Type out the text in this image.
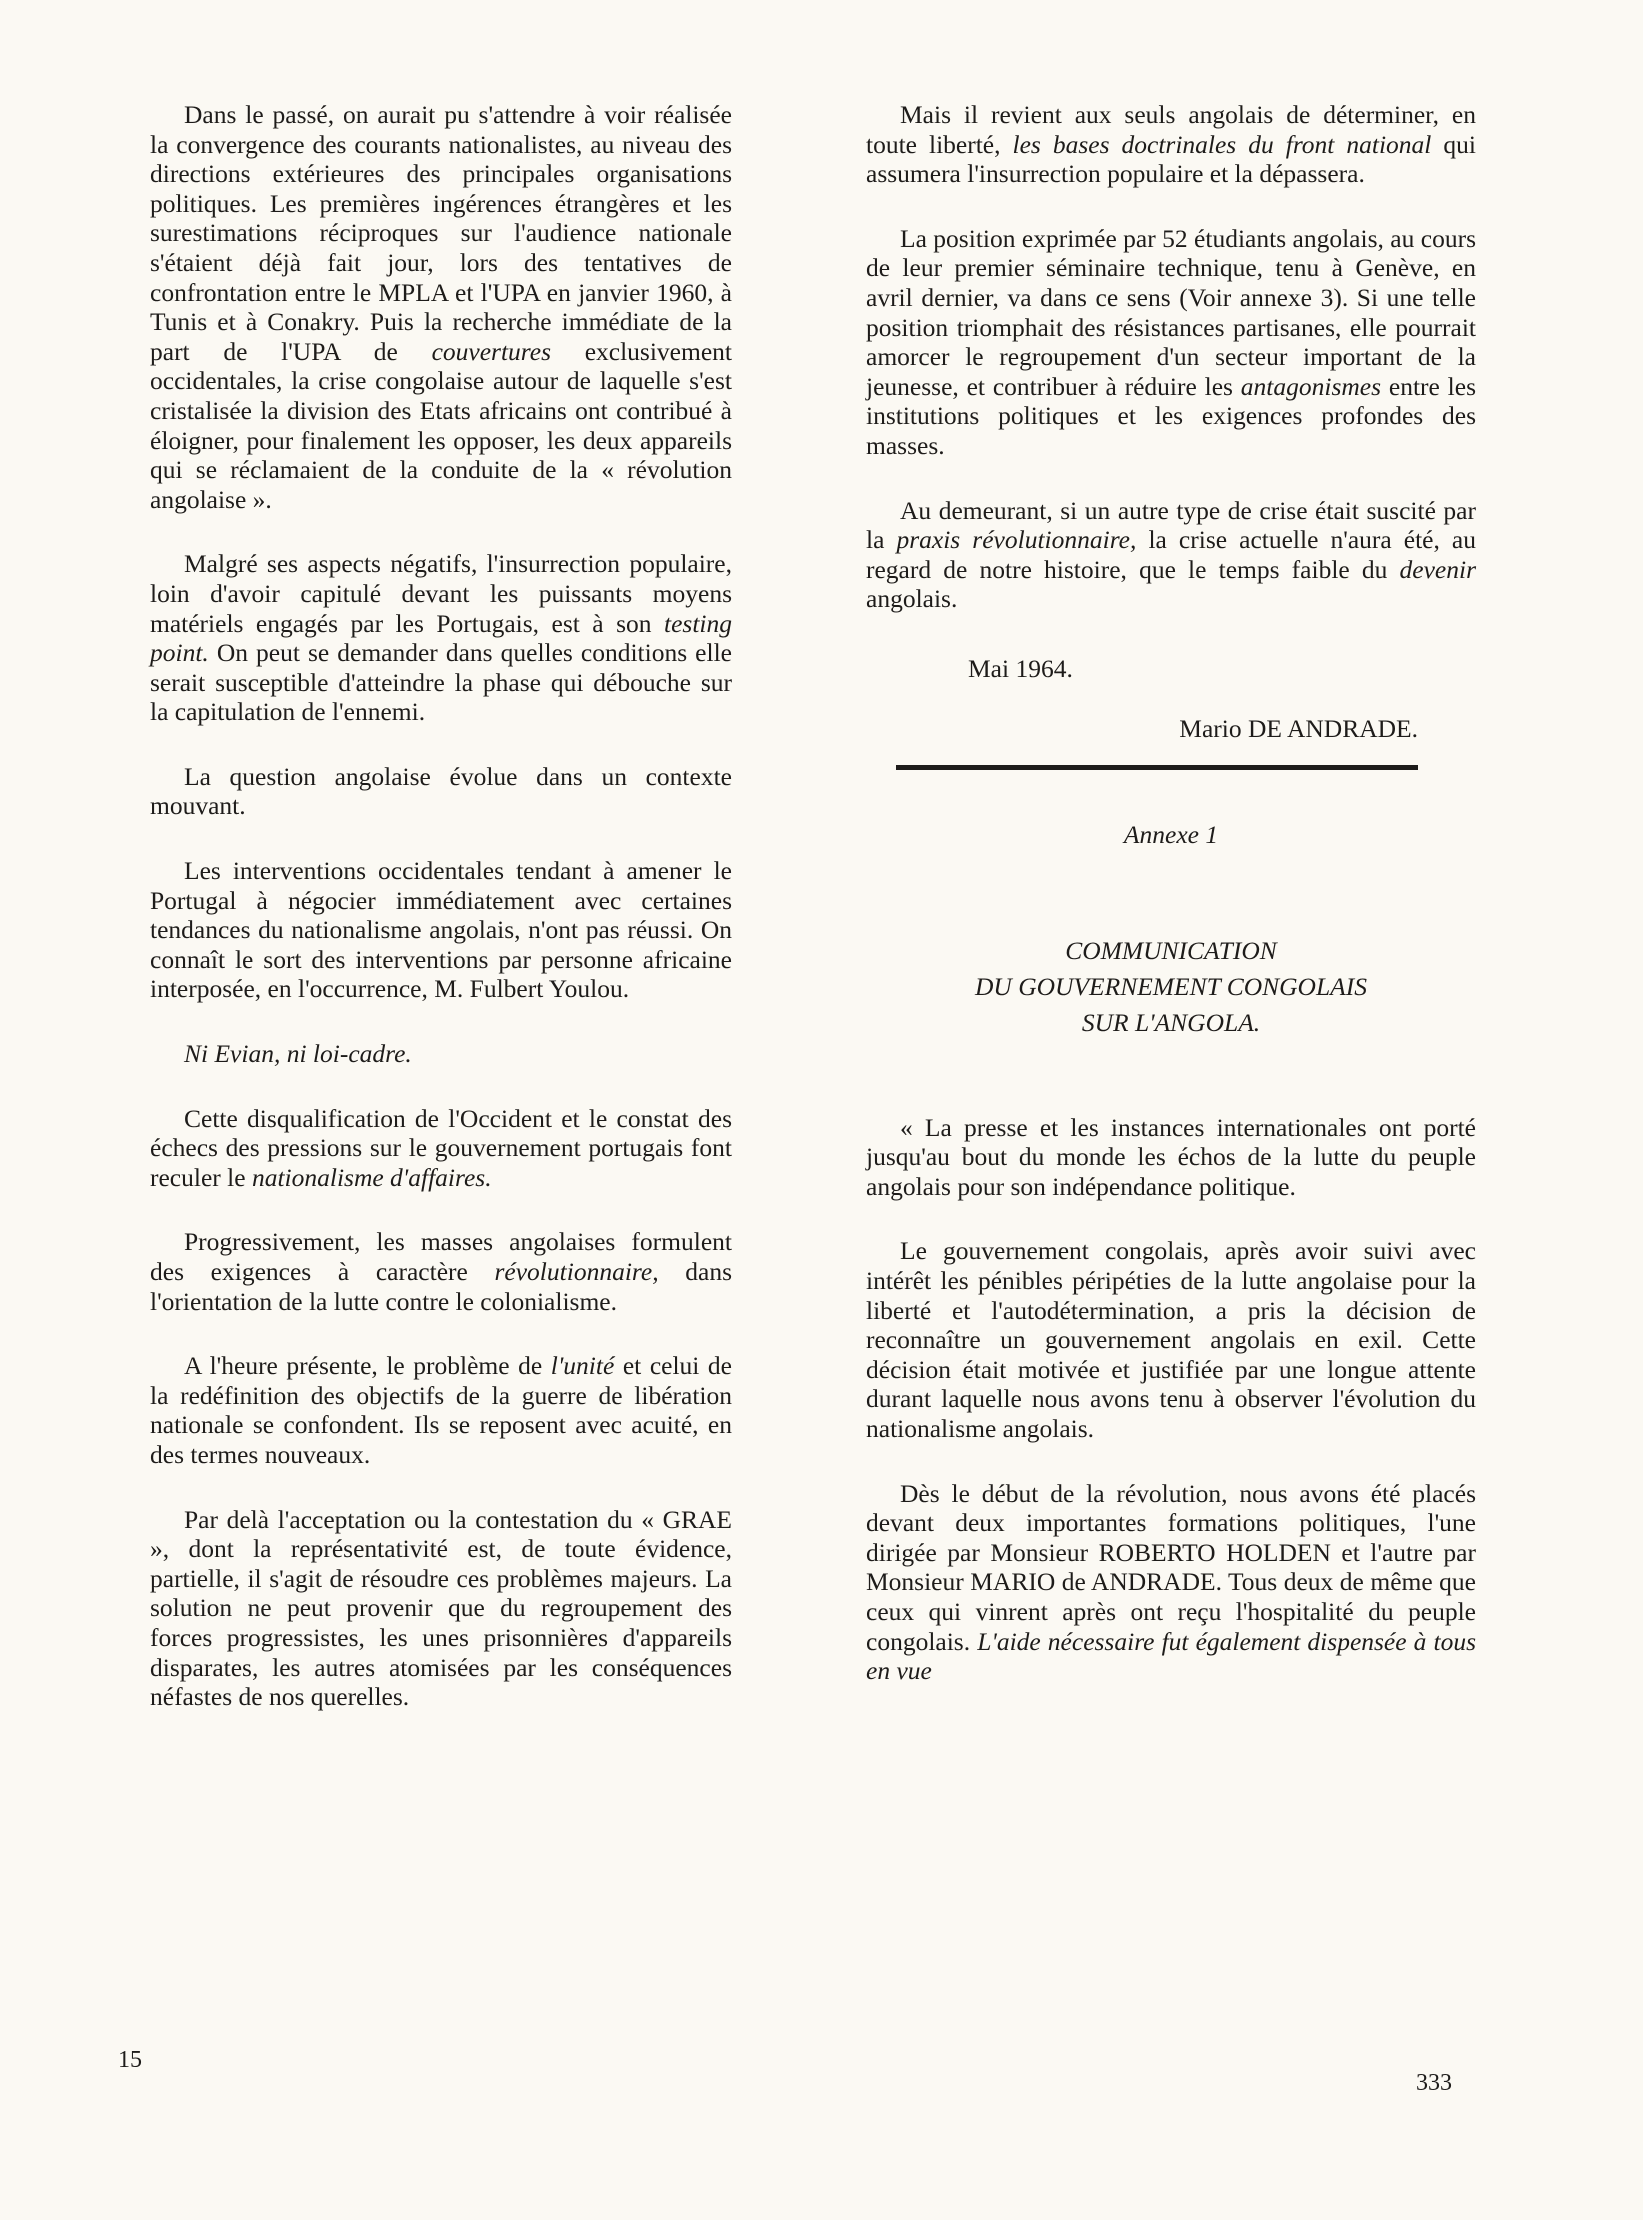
Dans le passé, on aurait pu s'attendre à voir réalisée la convergence des courants nationalistes, au niveau des directions extérieures des principales organisations politiques. Les premières ingérences étrangères et les surestimations réciproques sur l'audience nationale s'étaient déjà fait jour, lors des tentatives de confrontation entre le MPLA et l'UPA en janvier 1960, à Tunis et à Conakry. Puis la recherche immédiate de la part de l'UPA de couvertures exclusivement occidentales, la crise congolaise autour de laquelle s'est cristalisée la division des Etats africains ont contribué à éloigner, pour finalement les opposer, les deux appareils qui se réclamaient de la conduite de la « révolution angolaise ».

Malgré ses aspects négatifs, l'insurrection populaire, loin d'avoir capitulé devant les puissants moyens matériels engagés par les Portugais, est à son testing point. On peut se demander dans quelles conditions elle serait susceptible d'atteindre la phase qui débouche sur la capitulation de l'ennemi.

La question angolaise évolue dans un contexte mouvant.

Les interventions occidentales tendant à amener le Portugal à négocier immédiatement avec certaines tendances du nationalisme angolais, n'ont pas réussi. On connaît le sort des interventions par personne africaine interposée, en l'occurrence, M. Fulbert Youlou.

Ni Evian, ni loi-cadre.

Cette disqualification de l'Occident et le constat des échecs des pressions sur le gouvernement portugais font reculer le nationalisme d'affaires.

Progressivement, les masses angolaises formulent des exigences à caractère révolutionnaire, dans l'orientation de la lutte contre le colonialisme.

A l'heure présente, le problème de l'unité et celui de la redéfinition des objectifs de la guerre de libération nationale se confondent. Ils se reposent avec acuité, en des termes nouveaux.

Par delà l'acceptation ou la contestation du « GRAE », dont la représentativité est, de toute évidence, partielle, il s'agit de résoudre ces problèmes majeurs. La solution ne peut provenir que du regroupement des forces progressistes, les unes prisonnières d'appareils disparates, les autres atomisées par les conséquences néfastes de nos querelles.

Mais il revient aux seuls angolais de déterminer, en toute liberté, les bases doctrinales du front national qui assumera l'insurrection populaire et la dépassera.

La position exprimée par 52 étudiants angolais, au cours de leur premier séminaire technique, tenu à Genève, en avril dernier, va dans ce sens (Voir annexe 3). Si une telle position triomphait des résistances partisanes, elle pourrait amorcer le regroupement d'un secteur important de la jeunesse, et contribuer à réduire les antagonismes entre les institutions politiques et les exigences profondes des masses.

Au demeurant, si un autre type de crise était suscité par la praxis révolutionnaire, la crise actuelle n'aura été, au regard de notre histoire, que le temps faible du devenir angolais.

Mai 1964.
Mario DE ANDRADE.
Annexe 1
COMMUNICATION
DU GOUVERNEMENT CONGOLAIS
SUR L'ANGOLA.

« La presse et les instances internationales ont porté jusqu'au bout du monde les échos de la lutte du peuple angolais pour son indépendance politique.

Le gouvernement congolais, après avoir suivi avec intérêt les pénibles péripéties de la lutte angolaise pour la liberté et l'autodétermination, a pris la décision de reconnaître un gouvernement angolais en exil. Cette décision était motivée et justifiée par une longue attente durant laquelle nous avons tenu à observer l'évolution du nationalisme angolais.

Dès le début de la révolution, nous avons été placés devant deux importantes formations politiques, l'une dirigée par Monsieur ROBERTO HOLDEN et l'autre par Monsieur MARIO de ANDRADE. Tous deux de même que ceux qui vinrent après ont reçu l'hospitalité du peuple congolais. L'aide nécessaire fut également dispensée à tous en vue

15
333
